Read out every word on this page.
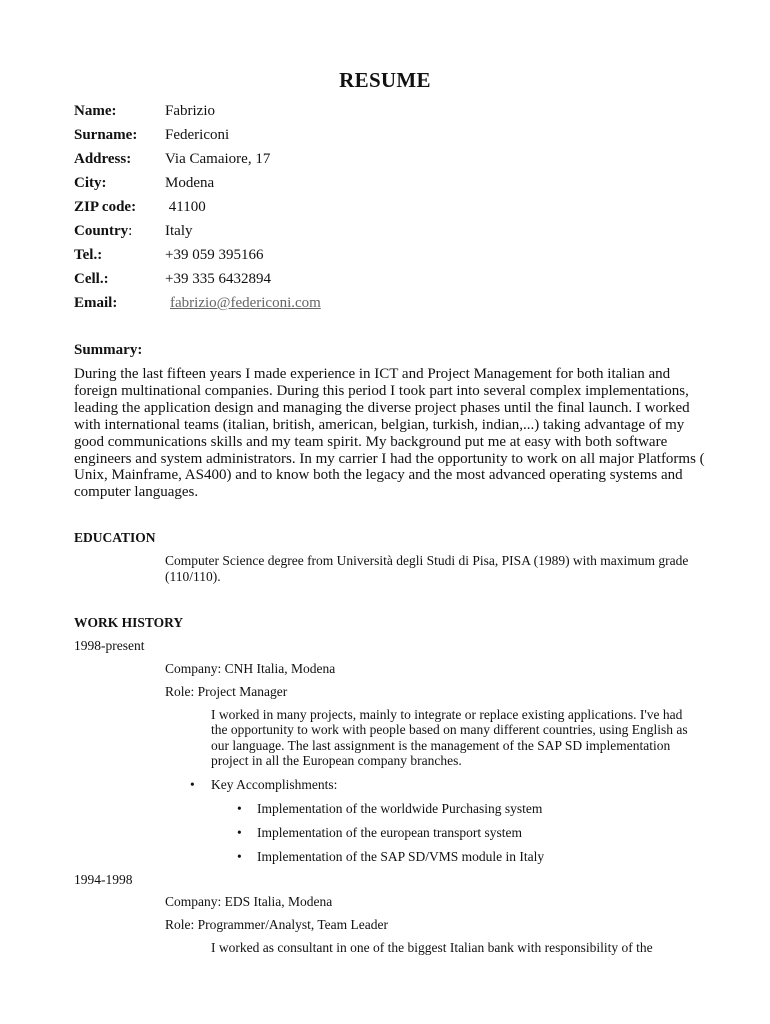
RESUME
Name:	Fabrizio
Surname: Federiconi
Address: Via Camaiore, 17
City:	Modena
ZIP code: 41100
Country: Italy
Tel.:	+39 059 395166
Cell.:	+39 335 6432894
Email:	fabrizio@federiconi.com
Summary:
During the last fifteen years I made experience in ICT and Project Management for both italian and foreign multinational companies. During this period I took part into several complex implementations, leading the application design and managing the diverse project phases until the final launch. I worked with international teams (italian, british, american, belgian, turkish, indian,...) taking advantage of my good communications skills and my team spirit. My background put me at easy with both software engineers and system administrators. In my carrier I had the opportunity to work on all major Platforms ( Unix, Mainframe, AS400) and to know both the legacy and the most advanced operating systems and computer languages.
EDUCATION
Computer Science degree from Università degli Studi di Pisa, PISA (1989) with maximum grade (110/110).
WORK HISTORY
1998-present
Company: CNH Italia, Modena
Role: Project Manager
I worked in many projects, mainly to integrate or replace existing applications. I've had the opportunity to work with people based on many different countries, using English as our language. The last assignment is the management of the SAP SD implementation project in all the European company branches.
• Key Accomplishments:
• Implementation of the worldwide Purchasing system
• Implementation of the european transport system
• Implementation of the SAP SD/VMS module in Italy
1994-1998
Company: EDS Italia, Modena
Role: Programmer/Analyst, Team Leader
I worked as consultant in one of the biggest Italian bank with responsibility of the
